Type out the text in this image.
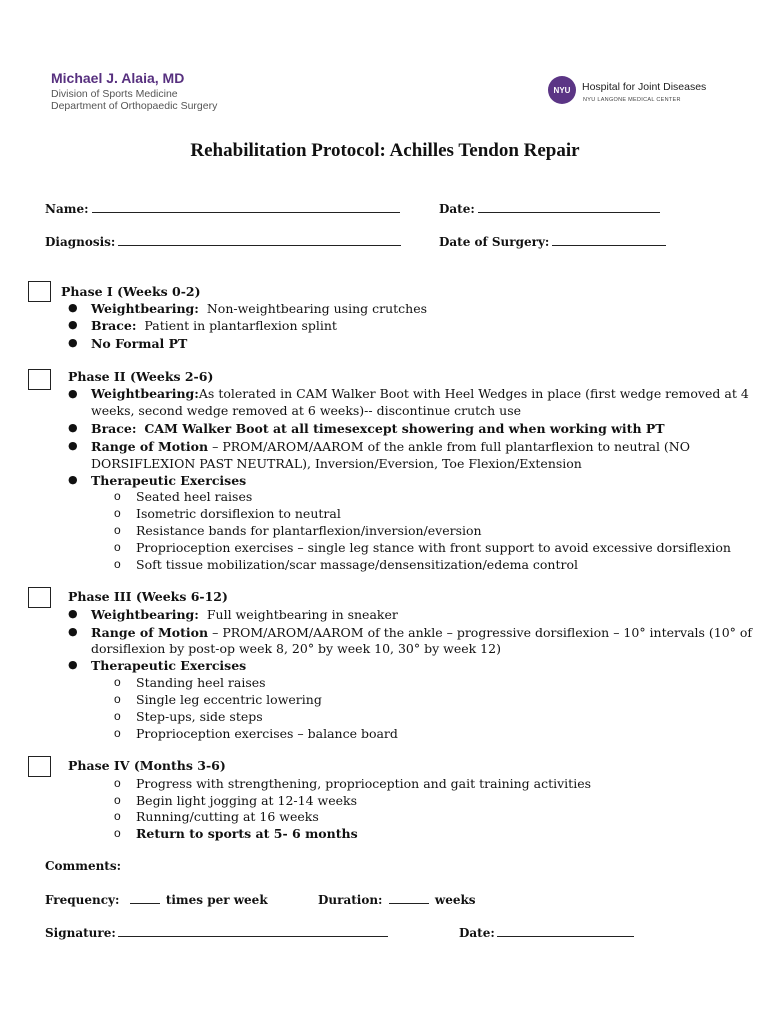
Michael J. Alaia, MD
Division of Sports Medicine
Department of Orthopaedic Surgery
NYU	Hospital for Joint Diseases
NYU LANGONE MEDICAL CENTER
Rehabilitation Protocol: Achilles Tendon Repair
Name:	Date:
Diagnosis:	Date of Surgery:
Phase I (Weeks 0-2)
● Weightbearing: Non-weightbearing using crutches
● Brace: Patient in plantarflexion splint
● No Formal PT
Phase II (Weeks 2-6)
● Weightbearing:As tolerated in CAM Walker Boot with Heel Wedges in place (first wedge removed at 4
weeks, second wedge removed at 6 weeks)-- discontinue crutch use
● Brace: CAM Walker Boot at all timesexcept showering and when working with PT
● Range of Motion – PROM/AROM/AAROM of the ankle from full plantarflexion to neutral (NO
DORSIFLEXION PAST NEUTRAL), Inversion/Eversion, Toe Flexion/Extension
● Therapeutic Exercises
o Seated heel raises
o Isometric dorsiflexion to neutral
o Resistance bands for plantarflexion/inversion/eversion
o Proprioception exercises – single leg stance with front support to avoid excessive dorsiflexion
o Soft tissue mobilization/scar massage/densensitization/edema control
Phase III (Weeks 6-12)
● Weightbearing: Full weightbearing in sneaker
● Range of Motion – PROM/AROM/AAROM of the ankle – progressive dorsiflexion – 10° intervals (10° of
dorsiflexion by post-op week 8, 20° by week 10, 30° by week 12)
● Therapeutic Exercises
o Standing heel raises
o Single leg eccentric lowering
o Step-ups, side steps
o Proprioception exercises – balance board
Phase IV (Months 3-6)
o Progress with strengthening, proprioception and gait training activities
o Begin light jogging at 12-14 weeks
o Running/cutting at 16 weeks
o Return to sports at 5- 6 months
Comments:
Frequency:	times per week	Duration:	weeks
Signature:	Date:
